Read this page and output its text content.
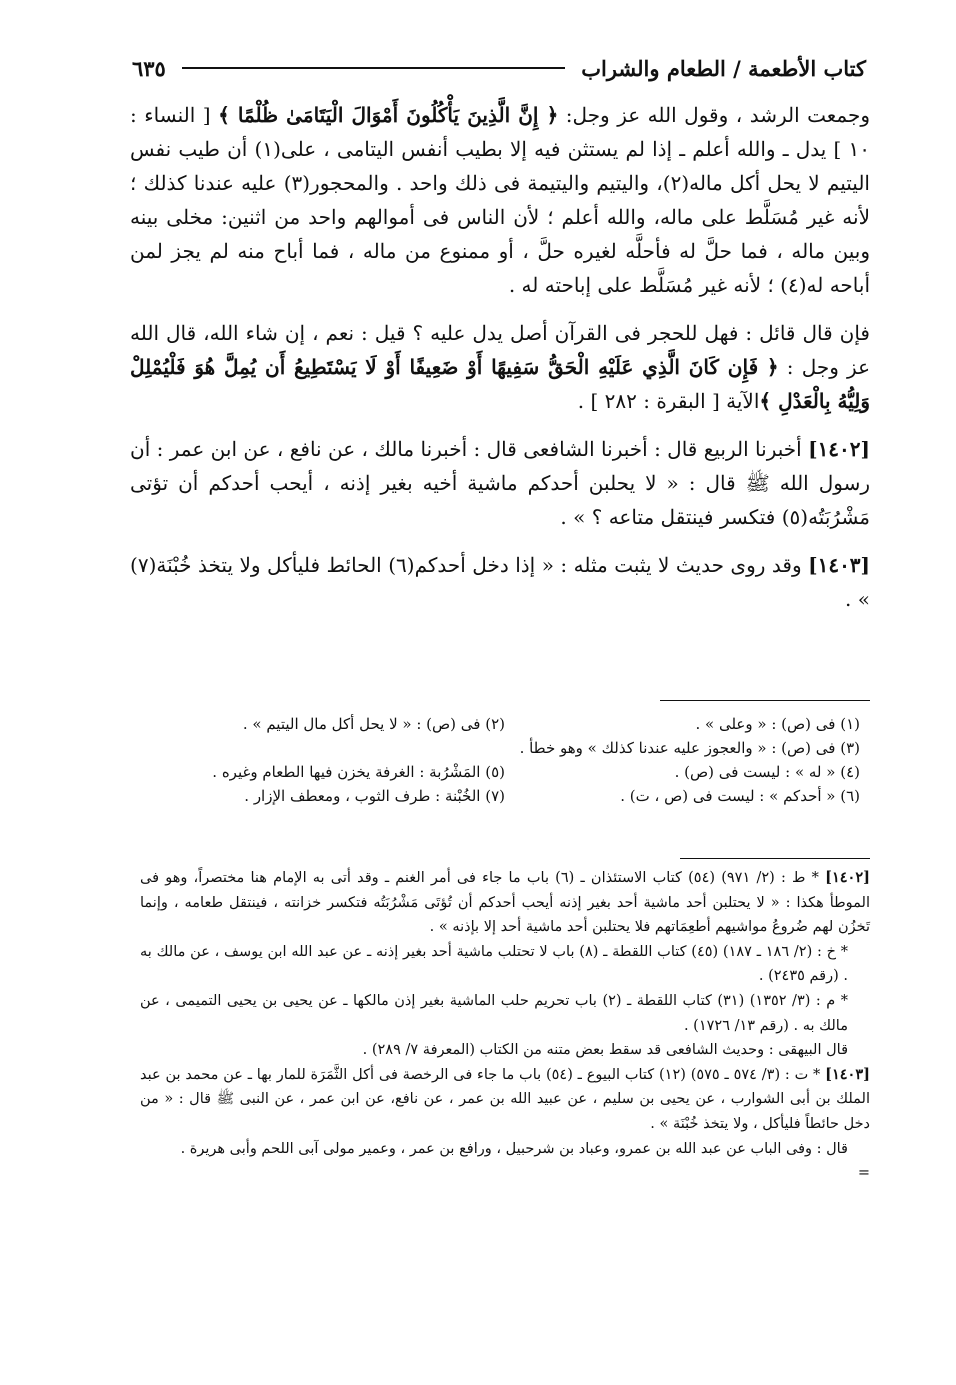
كتاب الأطعمة / الطعام والشراب
٦٣٥

وجمعت الرشد ، وقول الله عز وجل: ﴿ إِنَّ الَّذِينَ يَأْكُلُونَ أَمْوَالَ الْيَتَامَىٰ ظُلْمًا ﴾ [ النساء : ١٠ ] يدل ـ والله أعلم ـ إذا لم يستثن فيه إلا بطيب أنفس اليتامى ، على(١) أن طيب نفس اليتيم لا يحل أكل ماله(٢)، واليتيم واليتيمة فى ذلك واحد . والمحجور(٣) عليه عندنا كذلك ؛ لأنه غير مُسَلَّط على ماله، والله أعلم ؛ لأن الناس فى أموالهم واحد من اثنين: مخلى بينه وبين ماله ، فما حلَّ له فأحلَّه لغيره حلَّ ، أو ممنوع من ماله ، فما أباح منه لم يجز لمن أباحه له(٤) ؛ لأنه غير مُسَلَّط على إباحته له .

فإن قال قائل : فهل للحجر فى القرآن أصل يدل عليه ؟ قيل : نعم ، إن شاء الله، قال الله عز وجل : ﴿ فَإِن كَانَ الَّذِي عَلَيْهِ الْحَقُّ سَفِيهًا أَوْ ضَعِيفًا أَوْ لَا يَسْتَطِيعُ أَن يُمِلَّ هُوَ فَلْيُمْلِلْ وَلِيُّهُ بِالْعَدْلِ ﴾الآية [ البقرة : ٢٨٢ ] .

[١٤٠٢] أخبرنا الربيع قال : أخبرنا الشافعى قال : أخبرنا مالك ، عن نافع ، عن ابن عمر : أن رسول الله ﷺ قال : « لا يحلبن أحدكم ماشية أخيه بغير إذنه ، أيحب أحدكم أن تؤتى مَشْرُبَتُه(٥) فتكسر فينتقل متاعه ؟ » .

[١٤٠٣] وقد روى حديث لا يثبت مثله : « إذا دخل أحدكم(٦) الحائط فليأكل ولا يتخذ خُبْنَة(٧) » .

(١) فى (ص) : « وعلى » .
(٢) فى (ص) : « لا يحل أكل مال اليتيم » .
(٣) فى (ص) : « والعجوز عليه عندنا كذلك » وهو خطأ .
(٤) « له » : ليست فى (ص) .
(٥) المَشْرُبة : الغرفة يخزن فيها الطعام وغيره .
(٦) « أحدكم » : ليست فى (ص ، ت) .
(٧) الخُبْنة : طرف الثوب ، ومعطف الإزار .

[١٤٠٢] * ط : (٢/ ٩٧١) (٥٤) كتاب الاستئذان ـ (٦) باب ما جاء فى أمر الغنم ـ وقد أتى به الإمام هنا مختصراً، وهو فى الموطأ هكذا : « لا يحتلبن أحد ماشية أحد بغير إذنه أيحب أحدكم أن تُؤتَى مَشْرُبَتُه فتكسر خزانته ، فينتقل طعامه ، وإنما تَخزُن لهم ضُروعُ مواشيهم أطعِمَاتهم فلا يحتلبن أحد ماشية أحد إلا بإذنه » .

* خ : (٢/ ١٨٦ ـ ١٨٧) (٤٥) كتاب اللقطة ـ (٨) باب لا تحتلب ماشية أحد بغير إذنه ـ عن عبد الله ابن يوسف ، عن مالك به . (رقم ٢٤٣٥) .

* م : (٣/ ١٣٥٢) (٣١) كتاب اللقطة ـ (٢) باب تحريم حلب الماشية بغير إذن مالكها ـ عن يحيى بن يحيى التميمى ، عن مالك به . (رقم ١٣/ ١٧٢٦) .

قال البيهقى : وحديث الشافعى قد سقط بعض متنه من الكتاب (المعرفة ٧/ ٢٨٩) .

[١٤٠٣] * ت : (٣/ ٥٧٤ ـ ٥٧٥) (١٢) كتاب البيوع ـ (٥٤) باب ما جاء فى الرخصة فى أكل الثَّمَرَة للمار بها ـ عن محمد بن عبد الملك بن أبى الشوارب ، عن يحيى بن سليم ، عن عبيد الله بن عمر ، عن نافع، عن ابن عمر ، عن النبى ﷺ قال : « من دخل حائطاً فليأكل ، ولا يتخذ خُبْنَة » .

قال : وفى الباب عن عبد الله بن عمرو، وعباد بن شرحبيل ، ورافع بن عمر ، وعمير مولى آبى اللحم وأبى هريرة .

=
